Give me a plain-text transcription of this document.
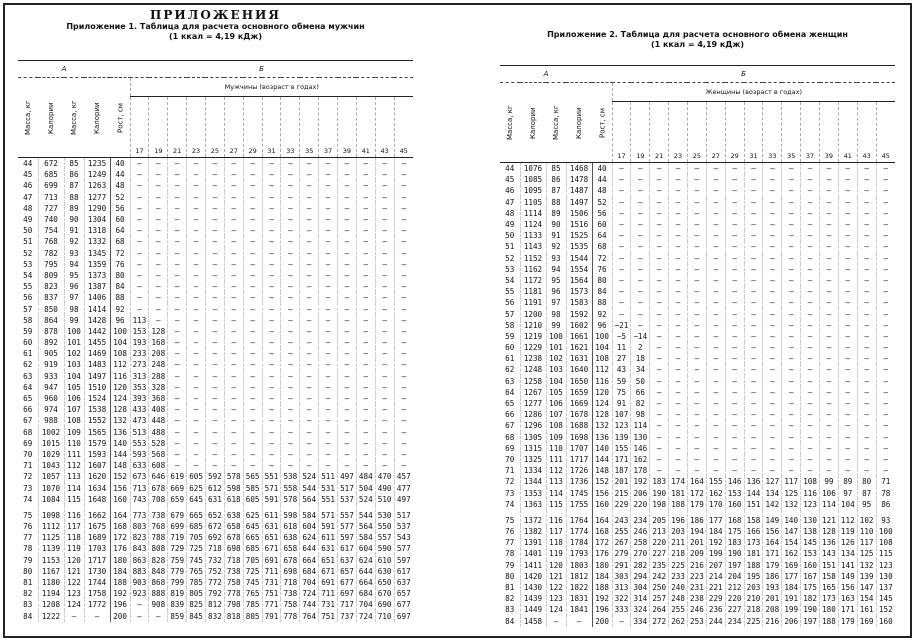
ПРИЛОЖЕНИЯ

Приложение 1. Таблица для расчета основного обмена мужчин

(1 ккал = 4,19 кДж)

А				Б															
Масса, кг	Калории	Масса, кг	Калории	Рост, см	Мужчины (возраст в годах)														
					17	19	21	23	25	27	29	31	33	35	37	39	41	43	45
44	672	85	1235	40	—	—	—	—	—	—	—	—	—	—	—	—	—	—	—
45	685	86	1249	44	—	—	—	—	—	—	—	—	—	—	—	—	—	—	—
46	699	87	1263	48	—	—	—	—	—	—	—	—	—	—	—	—	—	—	—
47	713	88	1277	52	—	—	—	—	—	—	—	—	—	—	—	—	—	—	—
48	727	89	1290	56	—	—	—	—	—	—	—	—	—	—	—	—	—	—	—
49	740	90	1304	60	—	—	—	—	—	—	—	—	—	—	—	—	—	—	—
50	754	91	1318	64	—	—	—	—	—	—	—	—	—	—	—	—	—	—	—
51	768	92	1332	68	—	—	—	—	—	—	—	—	—	—	—	—	—	—	—
52	782	93	1345	72	—	—	—	—	—	—	—	—	—	—	—	—	—	—	—
53	795	94	1359	76	—	—	—	—	—	—	—	—	—	—	—	—	—	—	—
54	809	95	1373	80	—	—	—	—	—	—	—	—	—	—	—	—	—	—	—
55	823	96	1387	84	—	—	—	—	—	—	—	—	—	—	—	—	—	—	—
56	837	97	1406	88	—	—	—	—	—	—	—	—	—	—	—	—	—	—	—
57	850	98	1414	92	—	—	—	—	—	—	—	—	—	—	—	—	—	—	—
58	864	99	1428	96	113	—	—	—	—	—	—	—	—	—	—	—	—	—	—
59	878	100	1442	100	153	128	—	—	—	—	—	—	—	—	—	—	—	—	—
60	892	101	1455	104	193	168	—	—	—	—	—	—	—	—	—	—	—	—	—
61	905	102	1469	108	233	208	—	—	—	—	—	—	—	—	—	—	—	—	—
62	919	103	1483	112	273	248	—	—	—	—	—	—	—	—	—	—	—	—	—
63	933	104	1497	116	313	288	—	—	—	—	—	—	—	—	—	—	—	—	—
64	947	105	1510	120	353	328	—	—	—	—	—	—	—	—	—	—	—	—	—
65	960	106	1524	124	393	368	—	—	—	—	—	—	—	—	—	—	—	—	—
66	974	107	1538	128	433	408	—	—	—	—	—	—	—	—	—	—	—	—	—
67	988	108	1552	132	473	448	—	—	—	—	—	—	—	—	—	—	—	—	—
68	1002	109	1565	136	513	488	—	—	—	—	—	—	—	—	—	—	—	—	—
69	1015	110	1579	140	553	528	—	—	—	—	—	—	—	—	—	—	—	—	—
70	1029	111	1593	144	593	568	—	—	—	—	—	—	—	—	—	—	—	—	—
71	1043	112	1607	148	633	608	—	—	—	—	—	—	—	—	—	—	—	—	—
72	1057	113	1620	152	673	646	619	605	592	578	565	551	538	524	511	497	484	470	457
73	1070	114	1634	156	713	678	669	625	612	598	585	571	558	544	531	517	504	490	477
74	1084	115	1648	160	743	708	659	645	631	618	605	591	578	564	551	537	524	510	497
75	1098	116	1662	164	773	738	679	665	652	638	625	611	598	584	571	557	544	530	517
76	1112	117	1675	168	803	768	699	685	672	658	645	631	618	604	591	577	564	550	537
77	1125	118	1689	172	823	788	719	705	692	678	665	651	638	624	611	597	584	557	543
78	1139	119	1703	176	843	808	729	725	718	698	685	671	658	644	631	617	604	590	577
79	1153	120	1717	180	863	828	759	745	732	718	705	691	678	664	651	637	624	610	597
80	1167	121	1730	184	883	848	779	765	752	738	725	711	698	684	671	657	644	630	617
81	1180	122	1744	188	903	868	799	785	772	758	745	731	718	704	691	677	664	650	637
82	1194	123	1758	192	923	888	819	805	792	778	765	751	738	724	711	697	684	670	657
83	1208	124	1772	196	—	908	839	825	812	798	785	771	758	744	731	717	704	690	677
84	1222	—	—	200	—	—	859	845	832	818	805	791	778	764	751	737	724	710	697

Приложение 2. Таблица для расчета основного обмена женщин

(1 ккал = 4,19 кДж)

А				Б															
Масса, кг	Калории	Масса, кг	Калории	Рост, см	Женщины (возраст в годах)														
					17	19	21	23	25	27	29	31	33	35	37	39	41	43	45
44	1076	85	1468	40	—	—	—	—	—	—	—	—	—	—	—	—	—	—	—
45	1085	86	1478	44	—	—	—	—	—	—	—	—	—	—	—	—	—	—	—
46	1095	87	1487	48	—	—	—	—	—	—	—	—	—	—	—	—	—	—	—
47	1105	88	1497	52	—	—	—	—	—	—	—	—	—	—	—	—	—	—	—
48	1114	89	1506	56	—	—	—	—	—	—	—	—	—	—	—	—	—	—	—
49	1124	90	1516	60	—	—	—	—	—	—	—	—	—	—	—	—	—	—	—
50	1133	91	1525	64	—	—	—	—	—	—	—	—	—	—	—	—	—	—	—
51	1143	92	1535	68	—	—	—	—	—	—	—	—	—	—	—	—	—	—	—
52	1152	93	1544	72	—	—	—	—	—	—	—	—	—	—	—	—	—	—	—
53	1162	94	1554	76	—	—	—	—	—	—	—	—	—	—	—	—	—	—	—
54	1172	95	1564	80	—	—	—	—	—	—	—	—	—	—	—	—	—	—	—
55	1181	96	1573	84	—	—	—	—	—	—	—	—	—	—	—	—	—	—	—
56	1191	97	1583	88	—	—	—	—	—	—	—	—	—	—	—	—	—	—	—
57	1200	98	1592	92	—	—	—	—	—	—	—	—	—	—	—	—	—	—	—
58	1210	99	1602	96	−21	—	—	—	—	—	—	—	—	—	—	—	—	—	—
59	1219	100	1661	100	−5	−14	—	—	—	—	—	—	—	—	—	—	—	—	—
60	1229	101	1621	104	11	2	—	—	—	—	—	—	—	—	—	—	—	—	—
61	1238	102	1631	108	27	18	—	—	—	—	—	—	—	—	—	—	—	—	—
62	1248	103	1640	112	43	34	—	—	—	—	—	—	—	—	—	—	—	—	—
63	1258	104	1650	116	59	50	—	—	—	—	—	—	—	—	—	—	—	—	—
64	1267	105	1659	120	75	66	—	—	—	—	—	—	—	—	—	—	—	—	—
65	1277	106	1669	124	91	82	—	—	—	—	—	—	—	—	—	—	—	—	—
66	1286	107	1678	128	107	98	—	—	—	—	—	—	—	—	—	—	—	—	—
67	1296	108	1688	132	123	114	—	—	—	—	—	—	—	—	—	—	—	—	—
68	1305	109	1698	136	139	130	—	—	—	—	—	—	—	—	—	—	—	—	—
69	1315	110	1707	140	155	146	—	—	—	—	—	—	—	—	—	—	—	—	—
70	1325	111	1717	144	171	162	—	—	—	—	—	—	—	—	—	—	—	—	—
71	1334	112	1726	148	187	178	—	—	—	—	—	—	—	—	—	—	—	—	—
72	1344	113	1736	152	201	192	183	174	164	155	146	136	127	117	108	99	89	80	71
73	1353	114	1745	156	215	206	190	181	172	162	153	144	134	125	116	106	97	87	78
74	1363	115	1755	160	229	220	198	188	179	170	160	151	142	132	123	114	104	95	86
75	1372	116	1764	164	243	234	205	196	186	177	168	158	149	140	130	121	112	102	93
76	1382	117	1774	168	255	246	213	203	194	184	175	166	156	147	138	128	119	110	100
77	1391	118	1784	172	267	258	220	211	201	192	183	173	164	154	145	136	126	117	108
78	1401	119	1793	176	279	270	227	218	209	199	190	181	171	162	153	143	134	125	115
79	1411	120	1803	180	291	282	235	225	216	207	197	188	179	169	160	151	141	132	123
80	1420	121	1812	184	303	294	242	233	223	214	204	195	186	177	167	158	149	139	130
81	1430	122	1822	188	313	304	250	240	231	221	212	203	193	184	175	165	156	147	137
82	1439	123	1831	192	322	314	257	248	238	229	220	210	201	191	182	173	163	154	145
83	1449	124	1841	196	333	324	264	255	246	236	227	218	208	199	190	180	171	161	152
84	1458	—	—	200	—	334	272	262	253	244	234	225	216	206	197	188	179	169	160
